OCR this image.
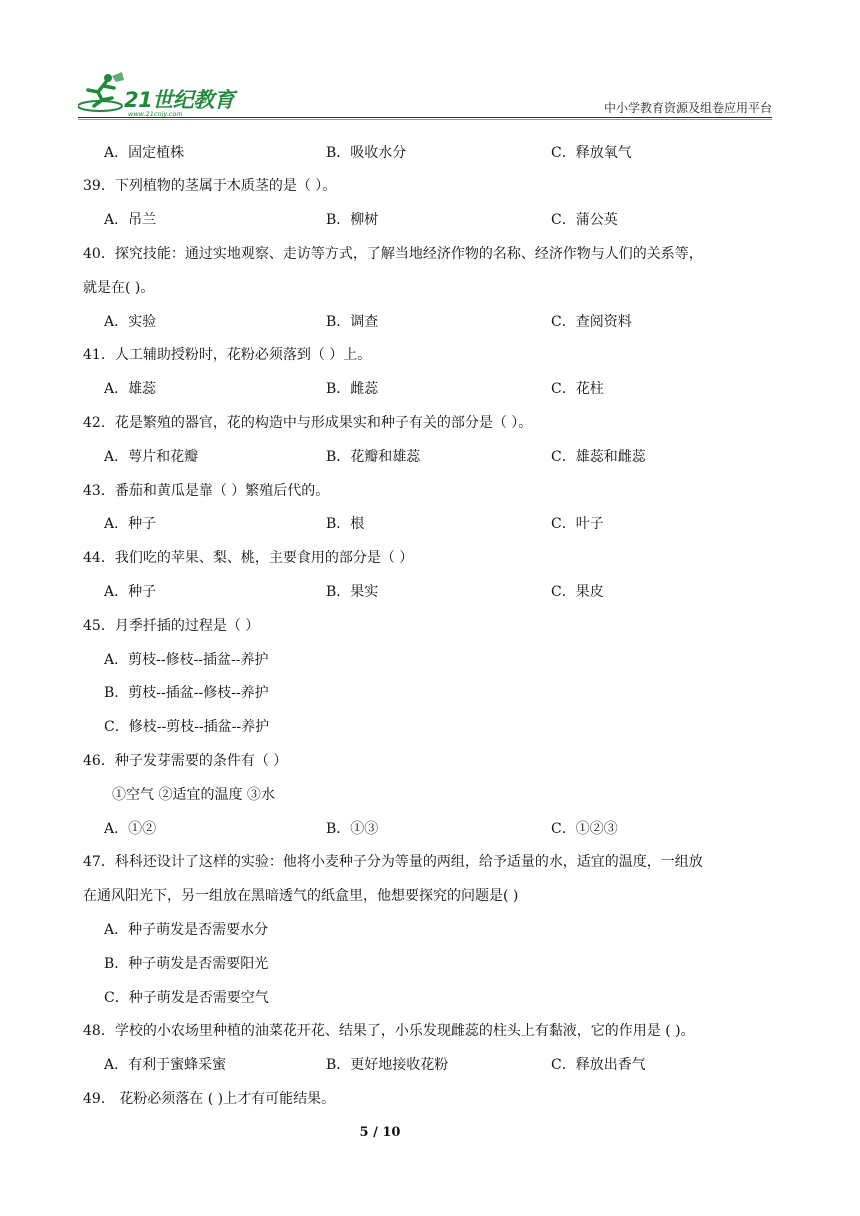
21世纪教育
www.21cnjy.com	中小学教育资源及组卷应用平台
A．固定植株	B．吸收水分	C．释放氧气
39．下列植物的茎属于木质茎的是（ ）。
A．吊兰	B．柳树	C．蒲公英
40．探究技能：通过实地观察、走访等方式，了解当地经济作物的名称、经济作物与人们的关系等，
就是在( )。
A．实验	B．调查	C．查阅资料
41．人工辅助授粉时，花粉必须落到（ ）上。
A．雄蕊	B．雌蕊	C．花柱
42．花是繁殖的器官，花的构造中与形成果实和种子有关的部分是（ ）。
A．萼片和花瓣	B．花瓣和雄蕊	C．雄蕊和雌蕊
43．番茄和黄瓜是靠（ ）繁殖后代的。
A．种子	B．根	C．叶子
44．我们吃的苹果、梨、桃，主要食用的部分是（ ）
A．种子	B．果实	C．果皮
45．月季扦插的过程是（ ）
A．剪枝--修枝--插盆--养护
B．剪枝--插盆--修枝--养护
C．修枝--剪枝--插盆--养护
46．种子发芽需要的条件有（ ）
①空气 ②适宜的温度 ③水
A．①②	B．①③	C．①②③
47．科科还设计了这样的实验：他将小麦种子分为等量的两组，给予适量的水，适宜的温度，一组放
在通风阳光下，另一组放在黑暗透气的纸盒里，他想要探究的问题是( )
A．种子萌发是否需要水分
B．种子萌发是否需要阳光
C．种子萌发是否需要空气
48．学校的小农场里种植的油菜花开花、结果了，小乐发现雌蕊的柱头上有黏液，它的作用是 ( )。
A．有利于蜜蜂采蜜	B．更好地接收花粉	C．释放出香气
49． 花粉必须落在 ( )上才有可能结果。
5 / 10
